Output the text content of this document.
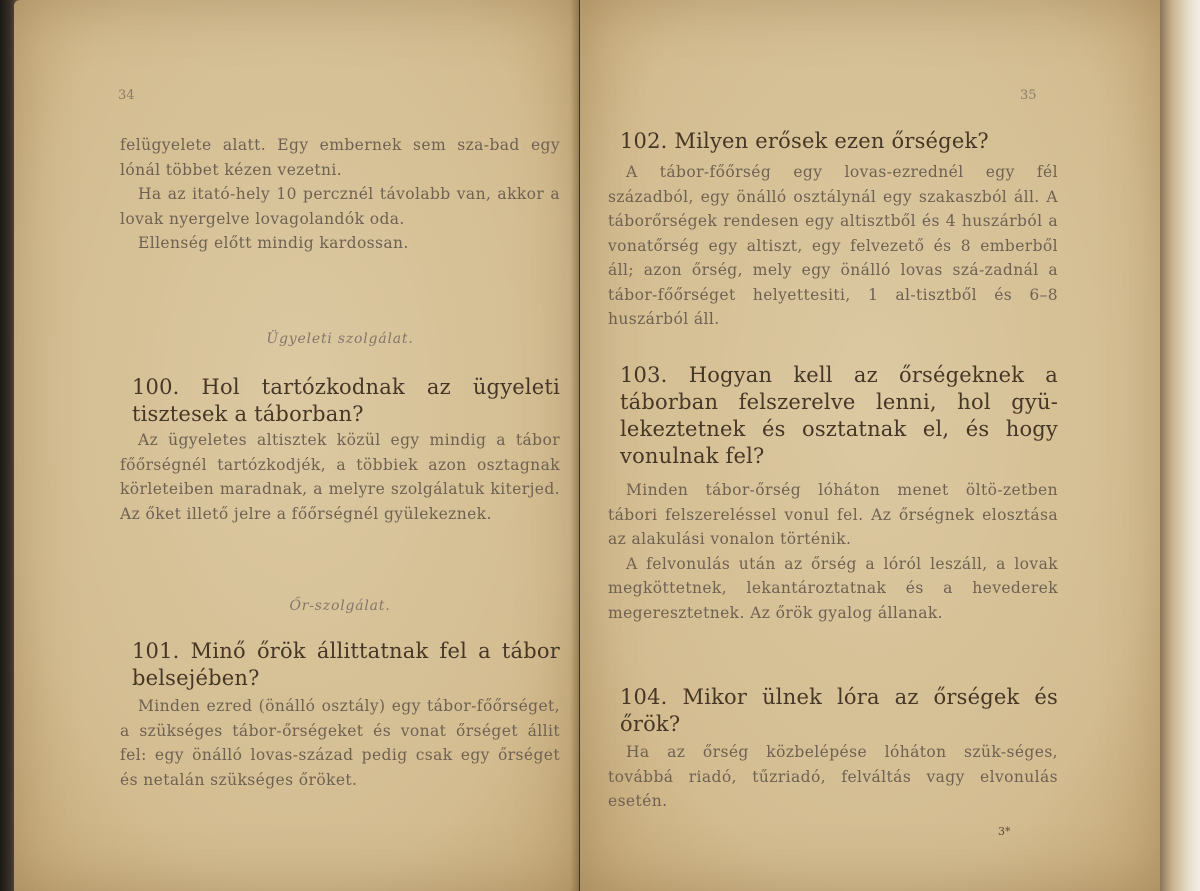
34

felügyelete alatt. Egy embernek sem sza-bad egy lónál többet kézen vezetni.

Ha az itató-hely 10 percznél távolabb van, akkor a lovak nyergelve lovagolandók oda.

Ellenség előtt mindig kardossan.

Ügyeleti szolgálat.
100. Hol tartózkodnak az ügyeleti tisztesek a táborban?

Az ügyeletes altisztek közül egy mindig a tábor főőrségnél tartózkodjék, a többiek azon osztagnak körleteiben maradnak, a melyre szolgálatuk kiterjed. Az őket illető jelre a főőrségnél gyülekeznek.

Őr-szolgálat.
101. Minő őrök állittatnak fel a tábor belsejében?

Minden ezred (önálló osztály) egy tábor-főőrséget, a szükséges tábor-őrségeket és vonat őrséget állit fel: egy önálló lovas-század pedig csak egy őrséget és netalán szükséges őröket.

35
102. Milyen erősek ezen őrségek?

A tábor-főőrség egy lovas-ezrednél egy fél századból, egy önálló osztálynál egy szakaszból áll. A táborőrségek rendesen egy altisztből és 4 huszárból a vonatőrség egy altiszt, egy felvezető és 8 emberből áll; azon őrség, mely egy önálló lovas szá-zadnál a tábor-főőrséget helyettesiti, 1 al-tisztből és 6–8 huszárból áll.

103. Hogyan kell az őrségeknek a táborban felszerelve lenni, hol gyü-lekeztetnek és osztatnak el, és hogy vonulnak fel?

Minden tábor-őrség lóháton menet öltö-zetben tábori felszereléssel vonul fel. Az őrségnek elosztása az alakulási vonalon történik.

A felvonulás után az őrség a lóról leszáll, a lovak megköttetnek, lekantároztatnak és a hevederek megeresztetnek. Az őrök gyalog állanak.

104. Mikor ülnek lóra az őrségek és őrök?

Ha az őrség közbelépése lóháton szük-séges, továbbá riadó, tűzriadó, felváltás vagy elvonulás esetén.

3*
